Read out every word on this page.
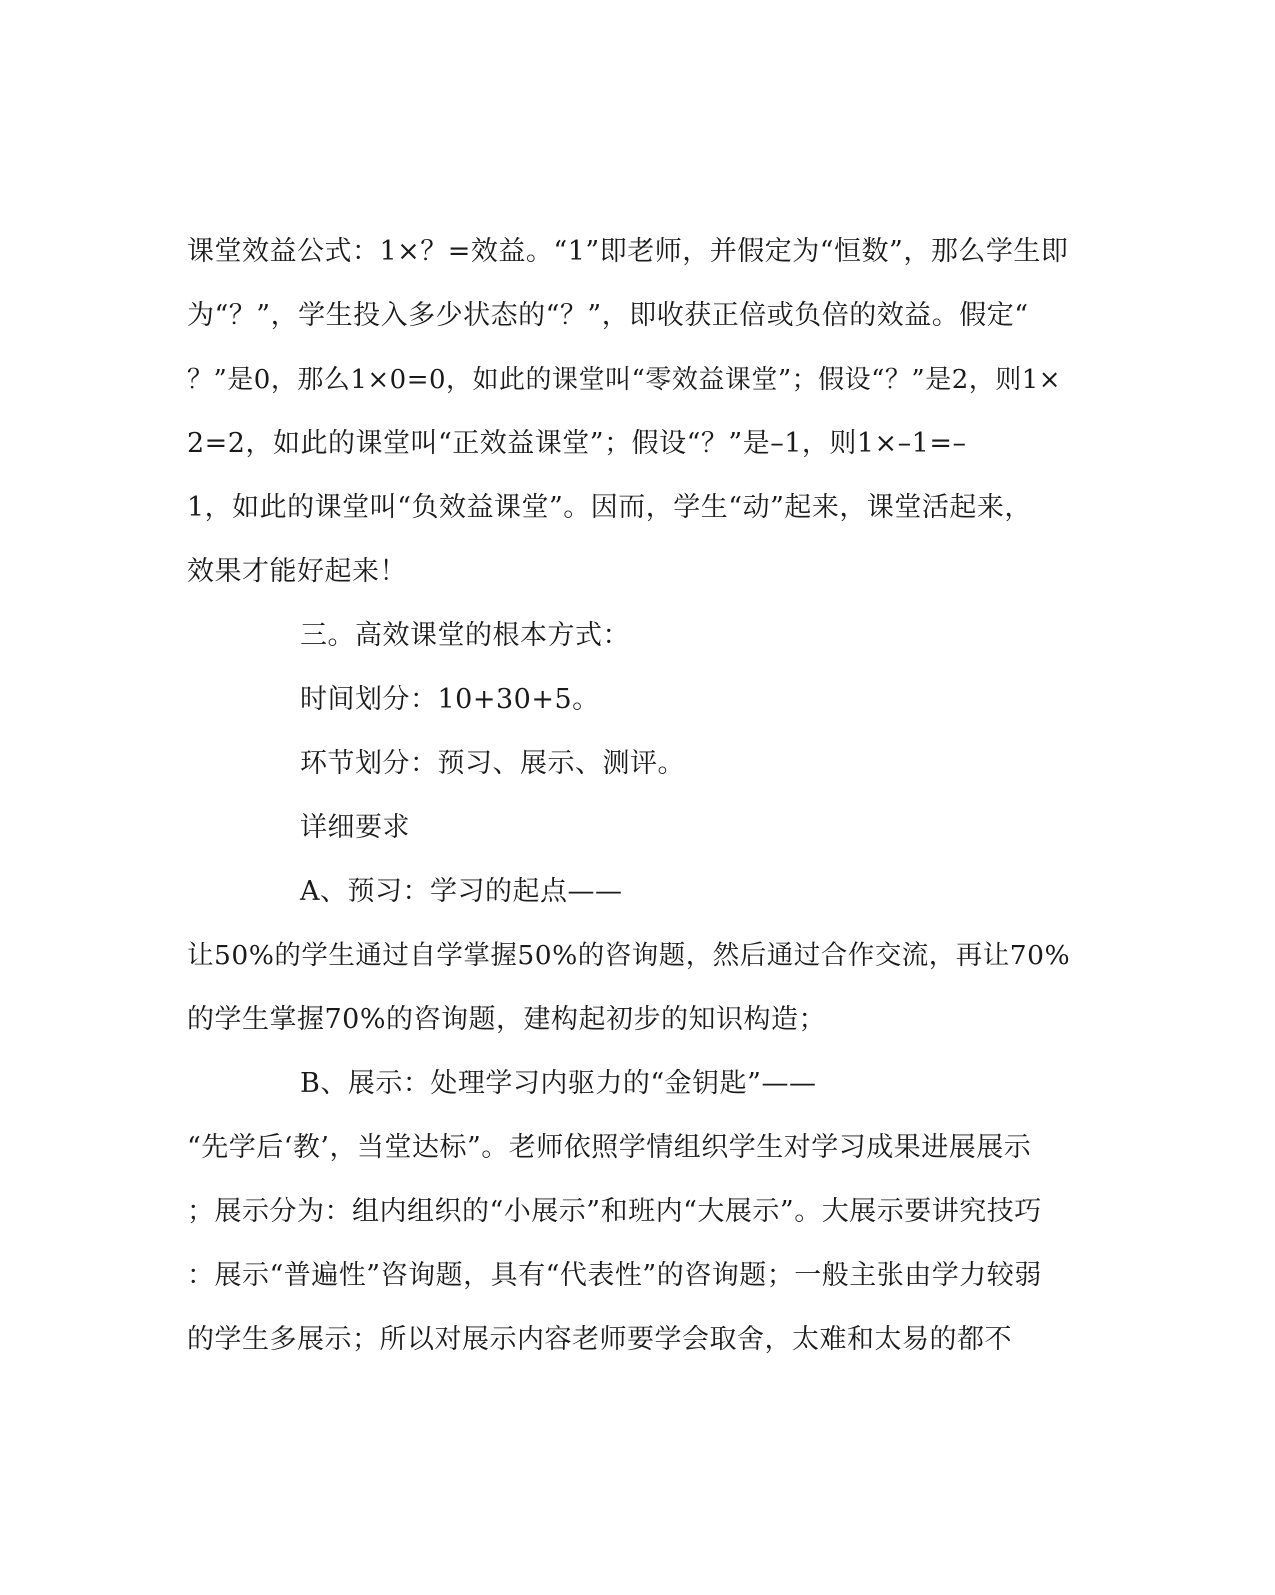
课堂效益公式：1×？=效益。“1”即老师，并假定为“恒数”，那么学生即
为“？”，学生投入多少状态的“？”，即收获正倍或负倍的效益。假定“
？”是0，那么1×0=0，如此的课堂叫“零效益课堂”；假设“？”是2，则1×
2=2，如此的课堂叫“正效益课堂”；假设“？”是–1，则1×–1=–
1，如此的课堂叫“负效益课堂”。因而，学生“动”起来，课堂活起来，
效果才能好起来！
三。高效课堂的根本方式：
时间划分：10+30+5。
环节划分：预习、展示、测评。
详细要求
A、预习：学习的起点——
让50%的学生通过自学掌握50%的咨询题，然后通过合作交流，再让70%
的学生掌握70%的咨询题，建构起初步的知识构造；
B、展示：处理学习内驱力的“金钥匙”——
“先学后‘教’，当堂达标”。老师依照学情组织学生对学习成果进展展示
；展示分为：组内组织的“小展示”和班内“大展示”。大展示要讲究技巧
：展示“普遍性”咨询题，具有“代表性”的咨询题；一般主张由学力较弱
的学生多展示；所以对展示内容老师要学会取舍，太难和太易的都不
